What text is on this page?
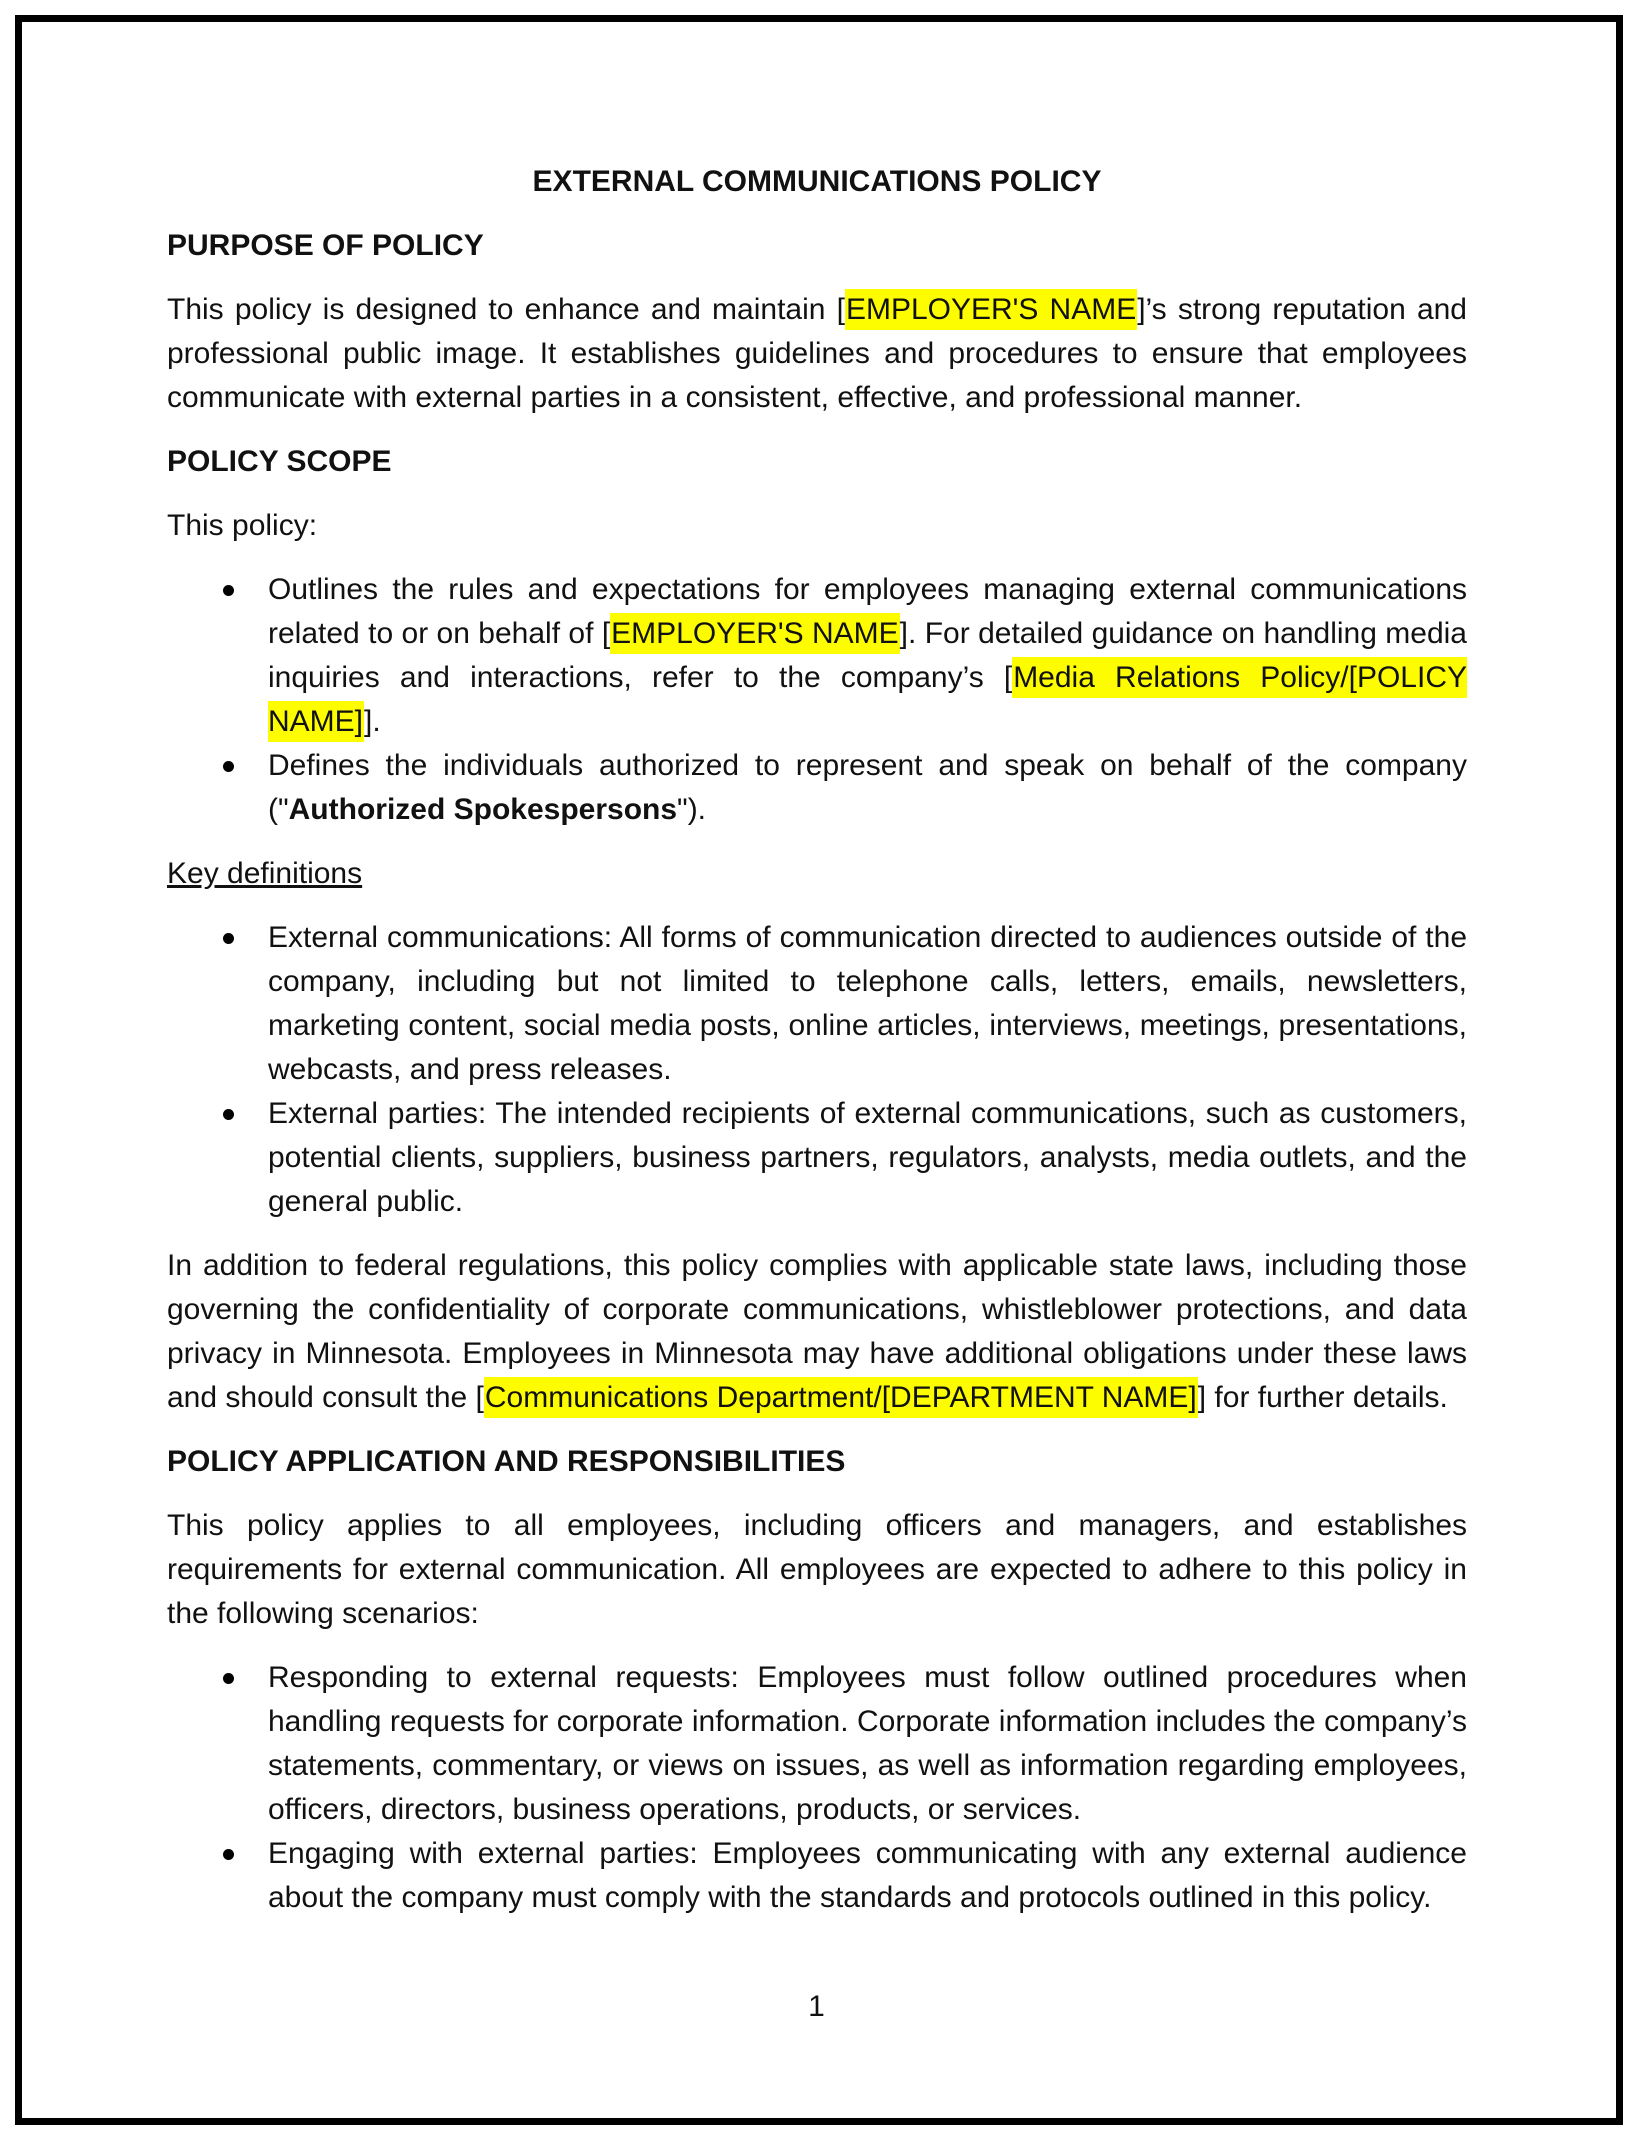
EXTERNAL COMMUNICATIONS POLICY
PURPOSE OF POLICY

This policy is designed to enhance and maintain [EMPLOYER'S NAME]’s strong reputation and professional public image. It establishes guidelines and procedures to ensure that employees communicate with external parties in a consistent, effective, and professional manner.

POLICY SCOPE

This policy:

Outlines the rules and expectations for employees managing external communications related to or on behalf of [EMPLOYER'S NAME]. For detailed guidance on handling media inquiries and interactions, refer to the company’s [Media Relations Policy/[POLICY NAME]].
Defines the individuals authorized to represent and speak on behalf of the company ("Authorized Spokespersons").
Key definitions
External communications: All forms of communication directed to audiences outside of the company, including but not limited to telephone calls, letters, emails, newsletters, marketing content, social media posts, online articles, interviews, meetings, presentations, webcasts, and press releases.
External parties: The intended recipients of external communications, such as customers, potential clients, suppliers, business partners, regulators, analysts, media outlets, and the general public.

In addition to federal regulations, this policy complies with applicable state laws, including those governing the confidentiality of corporate communications, whistleblower protections, and data privacy in Minnesota. Employees in Minnesota may have additional obligations under these laws and should consult the [Communications Department/[DEPARTMENT NAME]] for further details.

POLICY APPLICATION AND RESPONSIBILITIES

This policy applies to all employees, including officers and managers, and establishes requirements for external communication. All employees are expected to adhere to this policy in the following scenarios:

Responding to external requests: Employees must follow outlined procedures when handling requests for corporate information. Corporate information includes the company’s statements, commentary, or views on issues, as well as information regarding employees, officers, directors, business operations, products, or services.
Engaging with external parties: Employees communicating with any external audience about the company must comply with the standards and protocols outlined in this policy.
1
